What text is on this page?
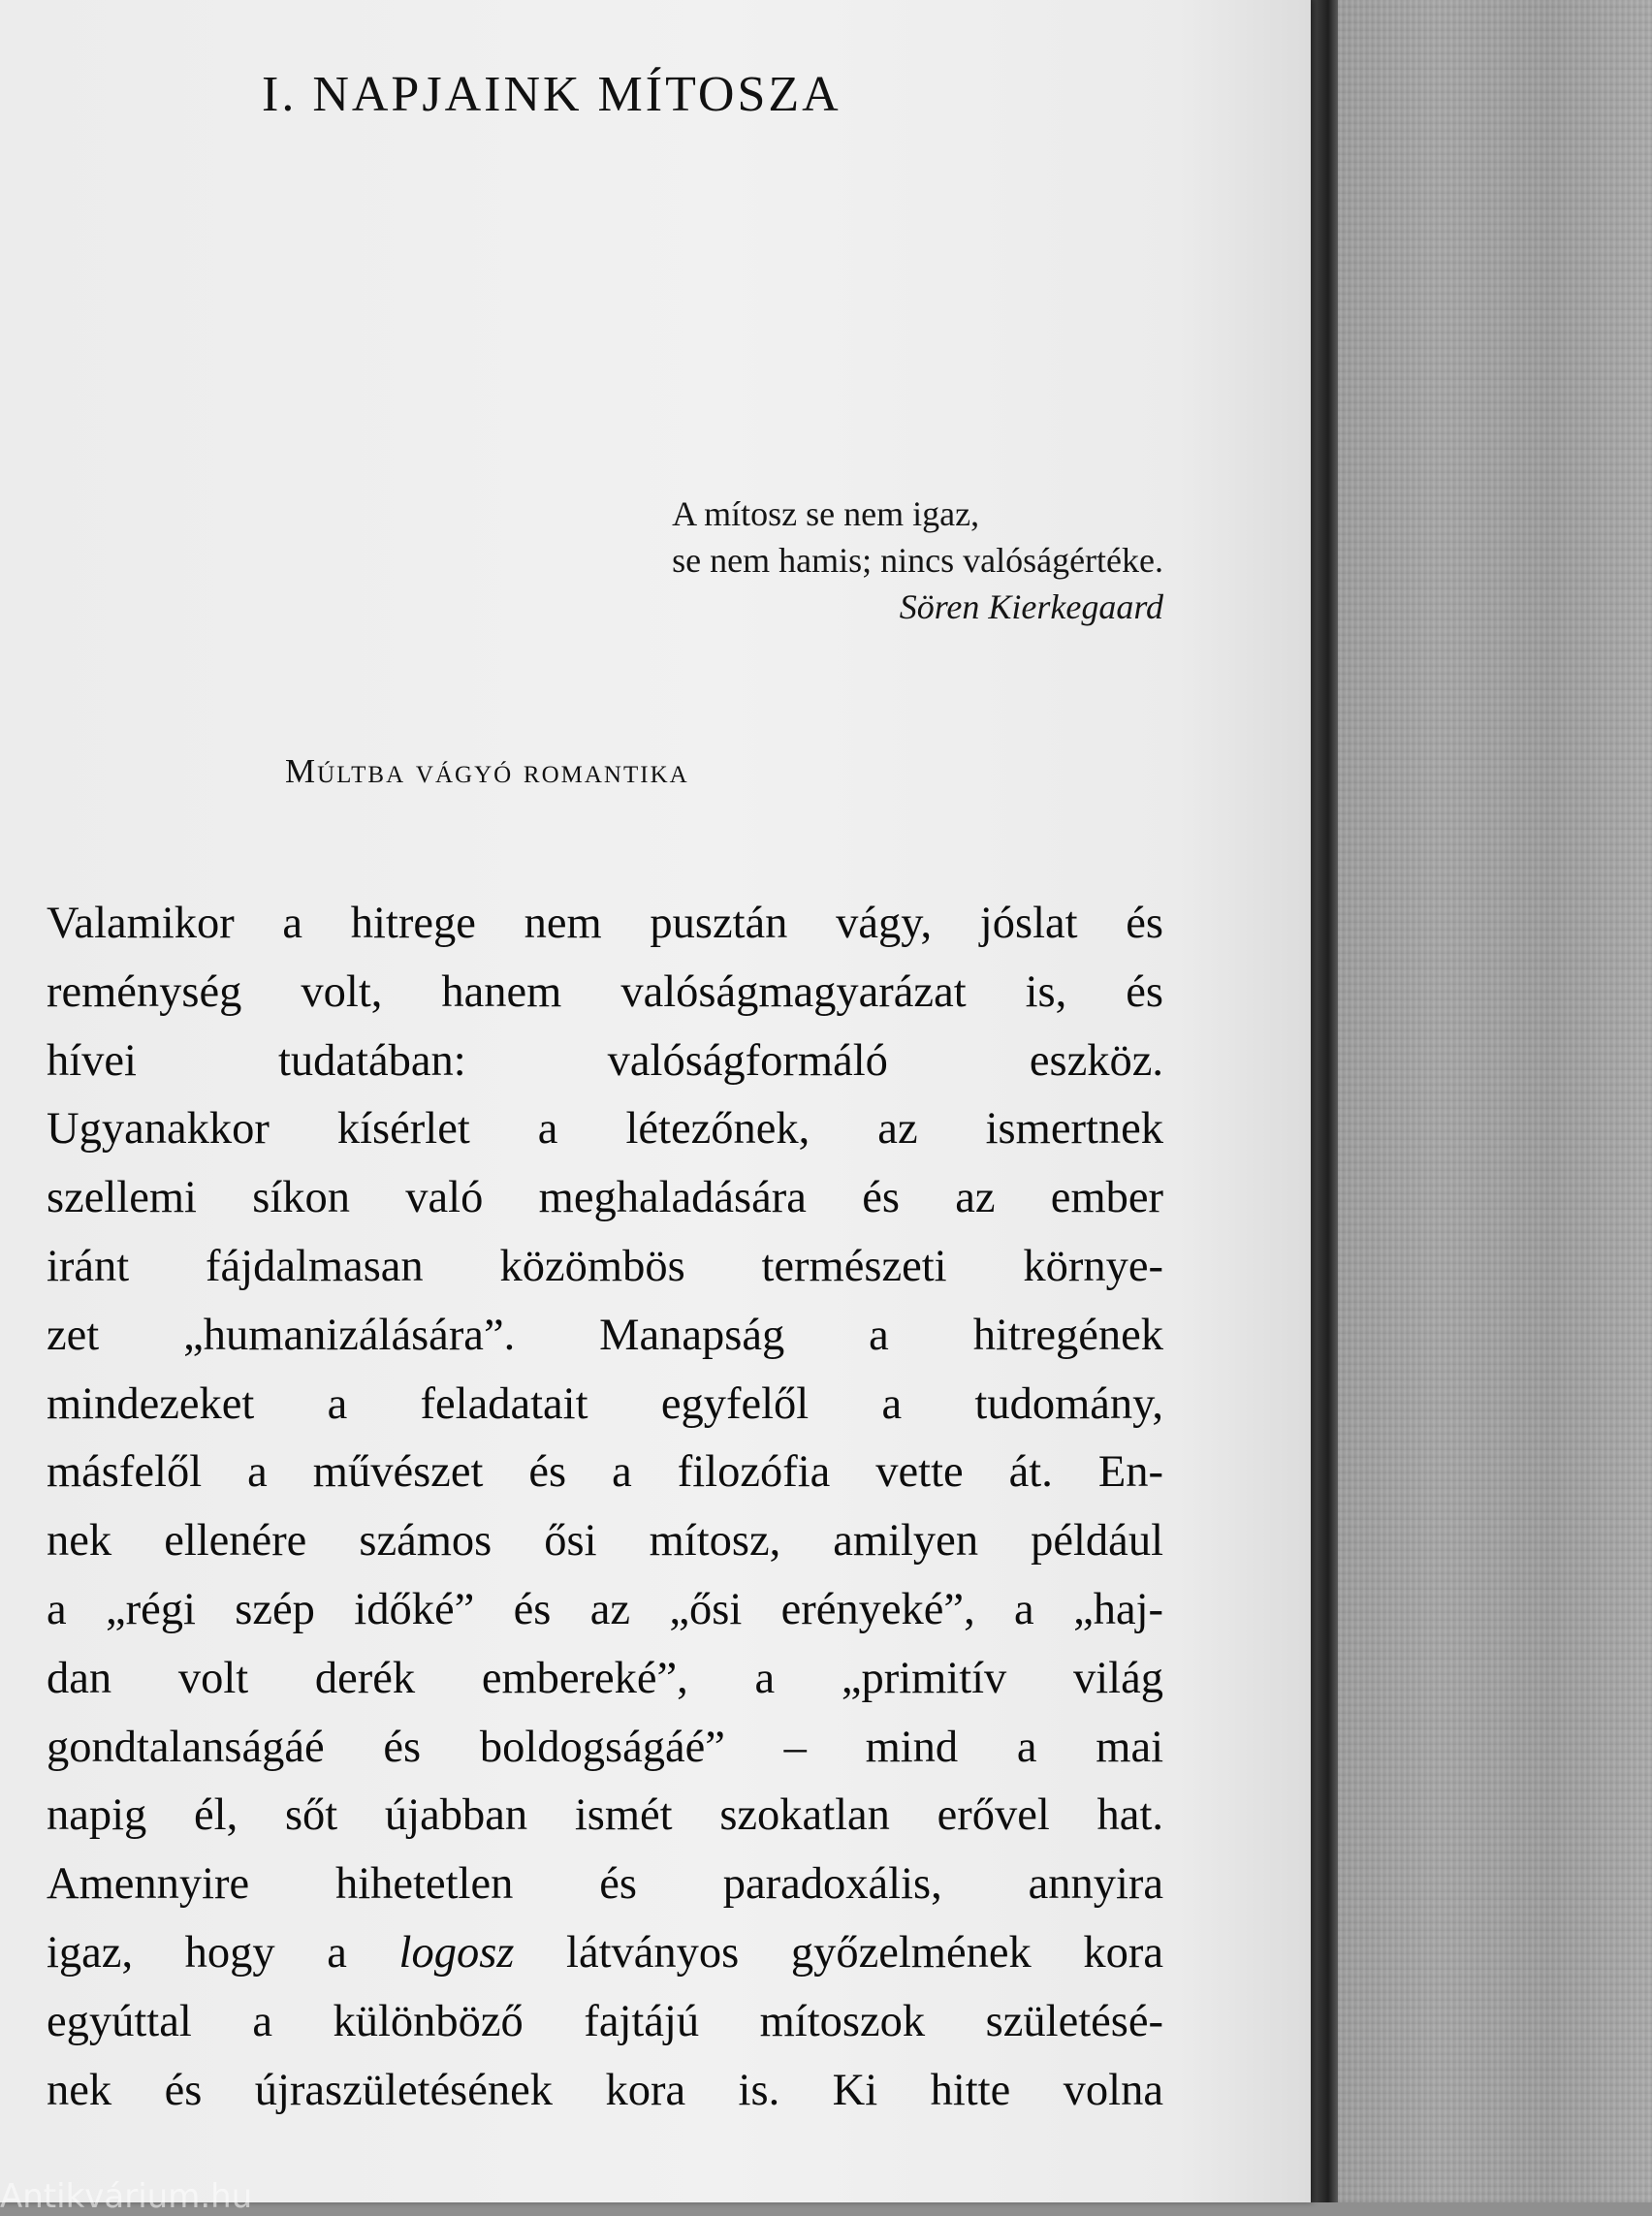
I. NAPJAINK MÍTOSZA
A mítosz se nem igaz,
se nem hamis; nincs valóságértéke.
Sören Kierkegaard
Múltba vágyó romantika
Valamikor a hitrege nem pusztán vágy, jóslat és
reménység volt, hanem valóságmagyarázat is, és
hívei tudatában: valóságformáló eszköz.
Ugyanakkor kísérlet a létezőnek, az ismertnek
szellemi síkon való meghaladására és az ember
iránt fájdalmasan közömbös természeti környe-
zet „humanizálására”. Manapság a hitregének
mindezeket a feladatait egyfelől a tudomány,
másfelől a művészet és a filozófia vette át. En-
nek ellenére számos ősi mítosz, amilyen például
a „régi szép időké” és az „ősi erényeké”, a „haj-
dan volt derék embereké”, a „primitív világ
gondtalanságáé és boldogságáé” – mind a mai
napig él, sőt újabban ismét szokatlan erővel hat.
Amennyire hihetetlen és paradoxális, annyira
igaz, hogy a logosz látványos győzelmének kora
egyúttal a különböző fajtájú mítoszok születésé-
nek és újraszületésének kora is. Ki hitte volna
Antikvárium.hu
